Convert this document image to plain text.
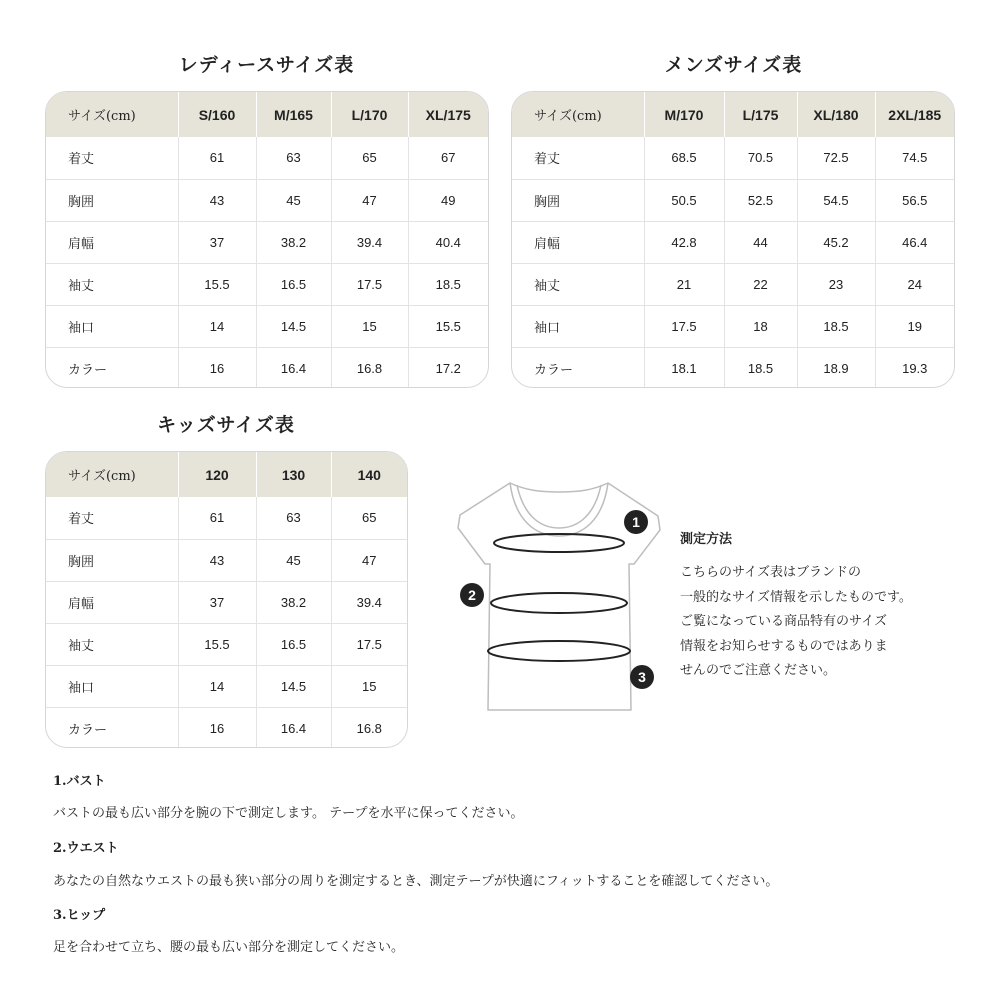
レディースサイズ表
サイズ(cm)	S/160	M/165	L/170	XL/175
着丈	61	63	65	67
胸囲	43	45	47	49
肩幅	37	38.2	39.4	40.4
袖丈	15.5	16.5	17.5	18.5
袖口	14	14.5	15	15.5
カラー	16	16.4	16.8	17.2
メンズサイズ表
サイズ(cm)	M/170	L/175	XL/180	2XL/185
着丈	68.5	70.5	72.5	74.5
胸囲	50.5	52.5	54.5	56.5
肩幅	42.8	44	45.2	46.4
袖丈	21	22	23	24
袖口	17.5	18	18.5	19
カラー	18.1	18.5	18.9	19.3
キッズサイズ表
サイズ(cm)	120	130	140
着丈	61	63	65
胸囲	43	45	47
肩幅	37	38.2	39.4
袖丈	15.5	16.5	17.5
袖口	14	14.5	15
カラー	16	16.4	16.8
1
2
3

測定方法

こちらのサイズ表はブランドの

一般的なサイズ情報を示したものです。

ご覧になっている商品特有のサイズ

情報をお知らせするものではありま

せんのでご注意ください。

1.バスト

バストの最も広い部分を腕の下で測定します。 テープを水平に保ってください。

2.ウエスト

あなたの自然なウエストの最も狭い部分の周りを測定するとき、測定テープが快適にフィットすることを確認してください。

3.ヒップ

足を合わせて立ち、腰の最も広い部分を測定してください。
